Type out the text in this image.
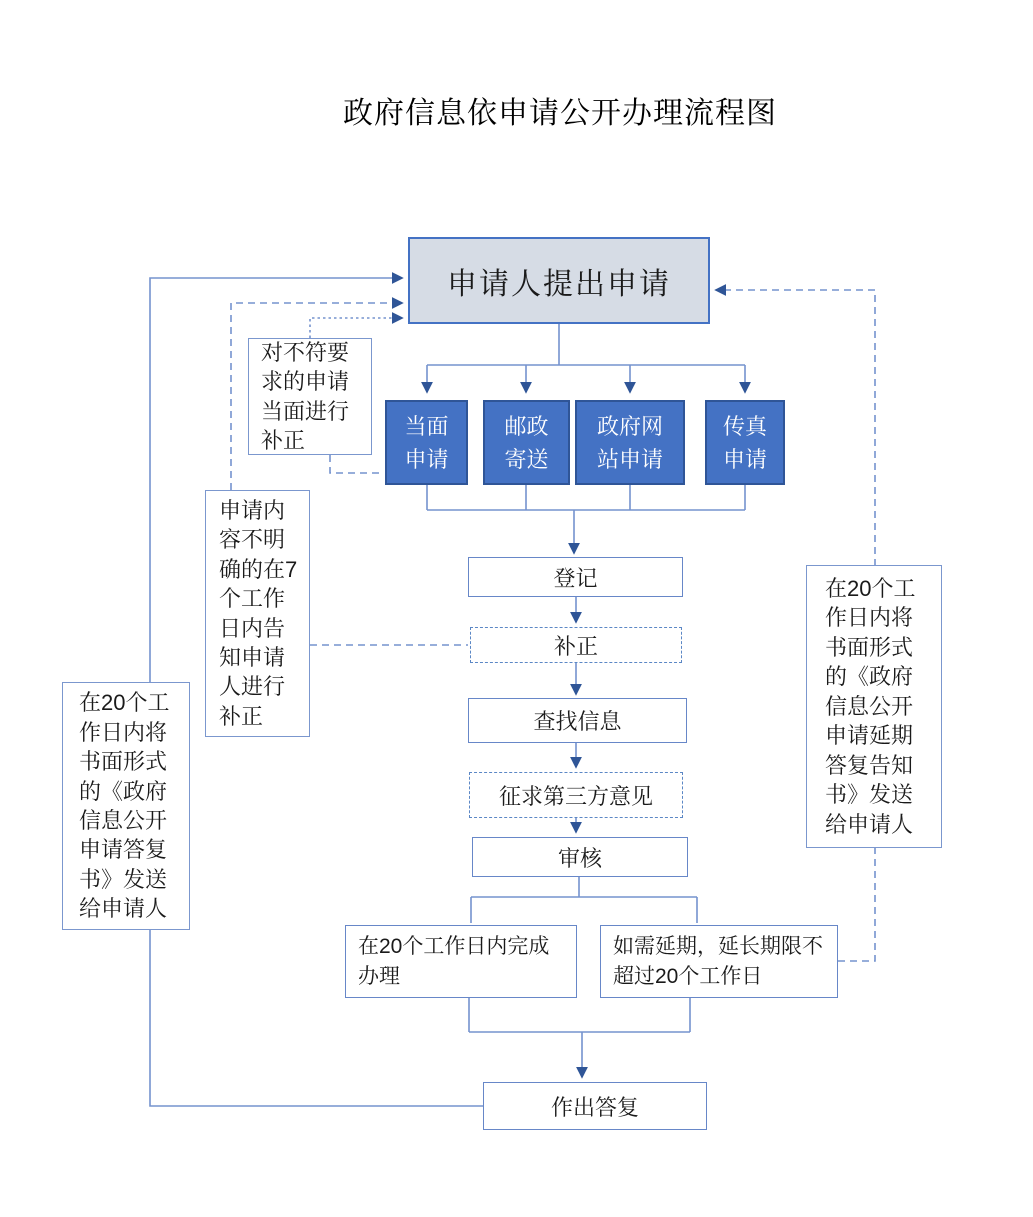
政府信息依申请公开办理流程图
申请人提出申请
当面申请
邮政寄送
政府网站申请
传真申请
登记
补正
查找信息
征求第三方意见
审核
在20个工作日内完成办理
如需延期，延长期限不超过20个工作日
作出答复
对不符要求的申请当面进行补正
申请内容不明确的在7个工作日内告知申请人进行补正
在20个工作日内将书面形式的《政府信息公开申请答复书》发送给申请人
在20个工作日内将书面形式的《政府信息公开申请延期答复告知书》发送给申请人
